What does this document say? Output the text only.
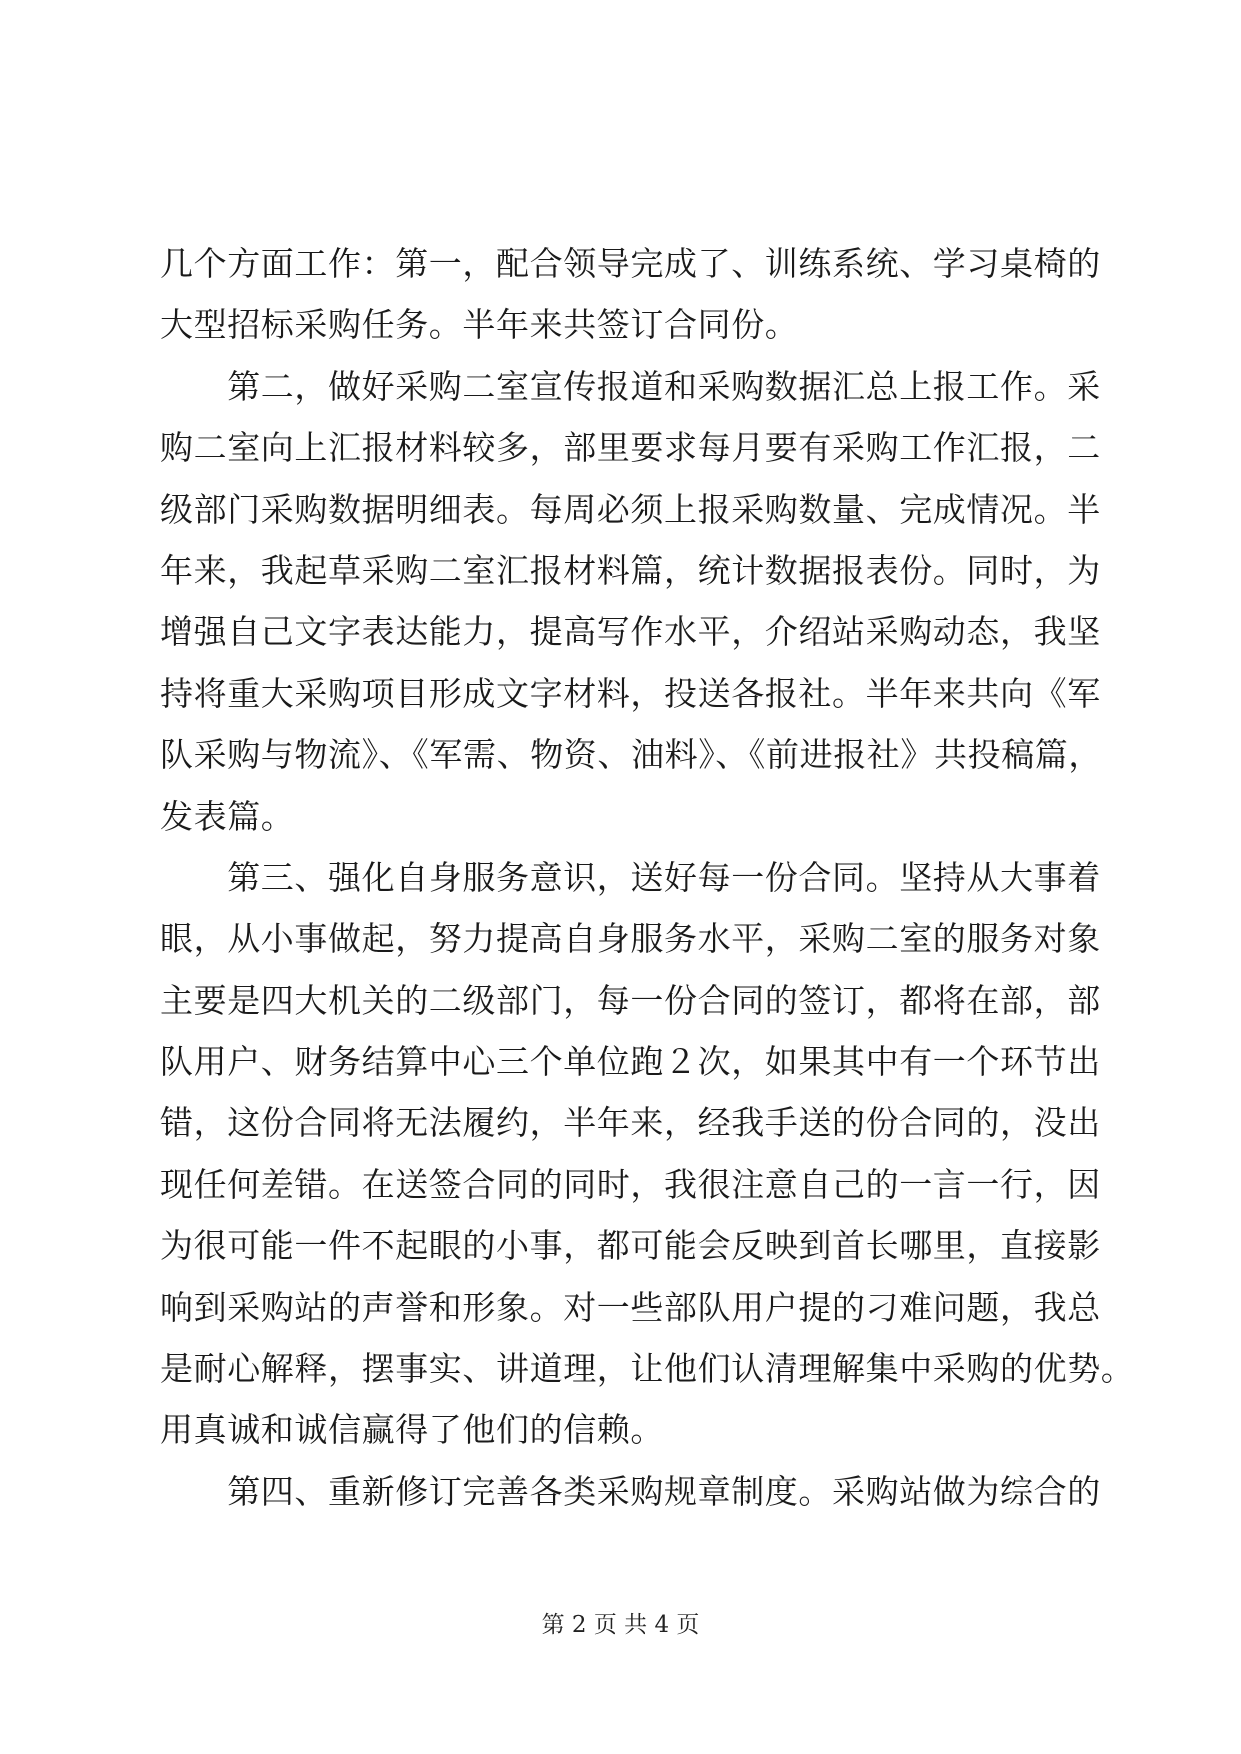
几个方面工作：第一，配合领导完成了、训练系统、学习桌椅的
大型招标采购任务。半年来共签订合同份。
　　第二，做好采购二室宣传报道和采购数据汇总上报工作。采
购二室向上汇报材料较多，部里要求每月要有采购工作汇报，二
级部门采购数据明细表。每周必须上报采购数量、完成情况。半
年来，我起草采购二室汇报材料篇，统计数据报表份。同时，为
增强自己文字表达能力，提高写作水平，介绍站采购动态，我坚
持将重大采购项目形成文字材料，投送各报社。半年来共向《军
队采购与物流》、《军需、物资、油料》、《前进报社》共投稿篇，
发表篇。
　　第三、强化自身服务意识，送好每一份合同。坚持从大事着
眼，从小事做起，努力提高自身服务水平，采购二室的服务对象
主要是四大机关的二级部门，每一份合同的签订，都将在部，部
队用户、财务结算中心三个单位跑２次，如果其中有一个环节出
错，这份合同将无法履约，半年来，经我手送的份合同的，没出
现任何差错。在送签合同的同时，我很注意自己的一言一行，因
为很可能一件不起眼的小事，都可能会反映到首长哪里，直接影
响到采购站的声誉和形象。对一些部队用户提的刁难问题，我总
是耐心解释，摆事实、讲道理，让他们认清理解集中采购的优势。
用真诚和诚信赢得了他们的信赖。
　　第四、重新修订完善各类采购规章制度。采购站做为综合的
第 2 页 共 4 页
